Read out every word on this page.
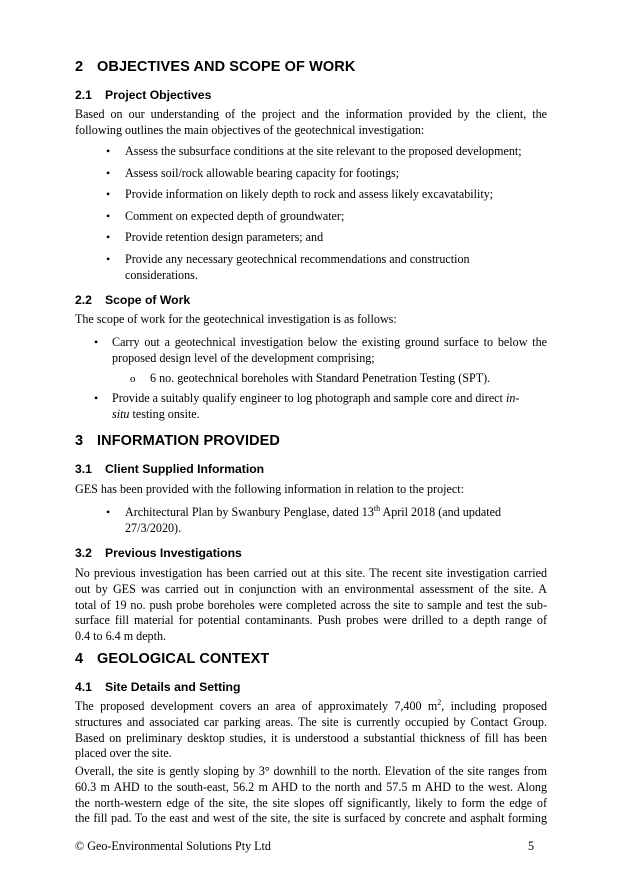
2 OBJECTIVES AND SCOPE OF WORK
2.1 Project Objectives
Based on our understanding of the project and the information provided by the client, the
following outlines the main objectives of the geotechnical investigation:
• Assess the subsurface conditions at the site relevant to the proposed development;
• Assess soil/rock allowable bearing capacity for footings;
• Provide information on likely depth to rock and assess likely excavatability;
• Comment on expected depth of groundwater;
• Provide retention design parameters; and
• Provide any necessary geotechnical recommendations and construction
considerations.
2.2 Scope of Work
The scope of work for the geotechnical investigation is as follows:
• Carry out a geotechnical investigation below the existing ground surface to below the
proposed design level of the development comprising;
o 6 no. geotechnical boreholes with Standard Penetration Testing (SPT).
• Provide a suitably qualify engineer to log photograph and sample core and direct in-
situ testing onsite.
3 INFORMATION PROVIDED
3.1 Client Supplied Information
GES has been provided with the following information in relation to the project:
• Architectural Plan by Swanbury Penglase, dated 13th April 2018 (and updated
27/3/2020).
3.2 Previous Investigations
No previous investigation has been carried out at this site. The recent site investigation carried
out by GES was carried out in conjunction with an environmental assessment of the site. A
total of 19 no. push probe boreholes were completed across the site to sample and test the sub-
surface fill material for potential contaminants. Push probes were drilled to a depth range of
0.4 to 6.4 m depth.
4 GEOLOGICAL CONTEXT
4.1 Site Details and Setting
The proposed development covers an area of approximately 7,400 $m^2$, including proposed
structures and associated car parking areas. The site is currently occupied by Contact Group.
Based on preliminary desktop studies, it is understood a substantial thickness of fill has been
placed over the site.
Overall, the site is gently sloping by 3° downhill to the north. Elevation of the site ranges from
60.3 m AHD to the south-east, 56.2 m AHD to the north and 57.5 m AHD to the west. Along
the north-western edge of the site, the site slopes off significantly, likely to form the edge of
the fill pad. To the east and west of the site, the site is surfaced by concrete and asphalt forming
© Geo-Environmental Solutions Pty Ltd	5
